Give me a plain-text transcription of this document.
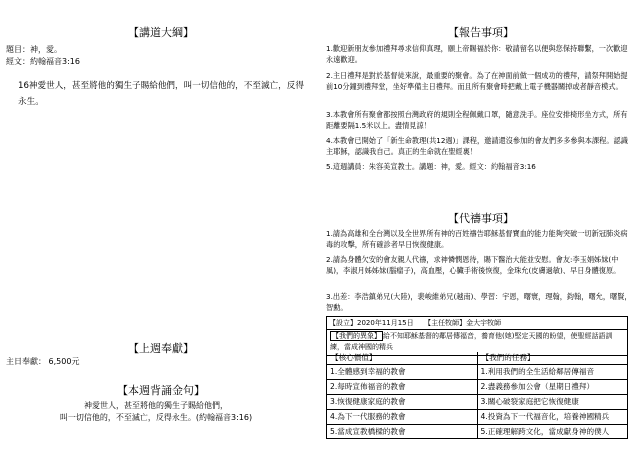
【講道大綱】
題目：神，愛。
經文：約翰福音3:16
16神愛世人，甚至將他的獨生子賜給他們，叫一切信他的，不至滅亡，反得永生。
【上週奉獻】
主日奉獻： 6,500元
【本週背誦金句】
神愛世人，甚至將他的獨生子賜給他們，
叫一切信他的，不至滅亡，反得永生。(約翰福音3:16)
【報告事項】
1.歡迎新朋友參加禮拜尋求信仰真理，願上帝賜福於你：敬請留名以便與您保持聯繫，一次歡迎永遠歡迎。
2.主日禮拜是對於基督徒來說，最重要的聚會。為了在神面前做一個成功的禮拜，請祭拜開始提前10分鐘到禮拜堂，坐好準備主日禮拜。而且所有聚會時把戴上電子機器關掉或者靜音模式。
3.本教會所有聚會都按照台灣政府的規則全程佩戴口罩，隨意洗手。座位安排椅形坐方式，所有距離要隔1.5米以上。盡情見諒！
4.本教會已開始了「新生命教理(共12週)」課程，邀請還沒參加的會友們多多參與本課程。認識主耶穌，認識我自己。真正的生命就在聖經裏！
5.這週講員：朱容美宣教士。講題：神，愛。經文：約翰福音3:16
【代禱事項】
1.請為高雄和全台灣以及全世界所有神的百姓禱告耶穌基督寶血的能力能夠突破一切新冠肺炎病毒的攻擊，所有確診者早日恢復健康。
2.請為身體欠安的會友親人代禱，求神憐憫恩待，賜下醫治大能並安慰。會友:李玉娟姊妹(中風)，李淑月姊姊妹(腦瘤子)，高血壓，心臟手術後恢復，金珠允(皮膚過敏)、早日身體復原。
3.出差：李浩鎮弟兄(大陸)，裴峻維弟兄(越南)、學習：宇恩，曙寰，理翰，鈞翰，曙允，曙賢，智勳。
【設立】2020年11月15日　　【主任牧師】金大宇牧師
【我們的異象】 給不知耶穌基督的鄰居傳福音，養育他(她)堅定天國的盼望，使聖經話語訓練，當成神國的精兵
【核心價值】
1.全體感到幸福的教會
2.每時宣佈福音的教會
3.恢復健康家庭的教會
4.為下一代服務的教會
5.當成宣教橋樑的教會
【我們的任務】
1.利用我們的全生活給鄰居傳福音
2.盡義務參加公會（星期日禮拜）
3.關心破裂家庭把它恢復健康
4.投資為下一代福音化，培養神國精兵
5.正確理解跨文化，當成獻身神的僕人
